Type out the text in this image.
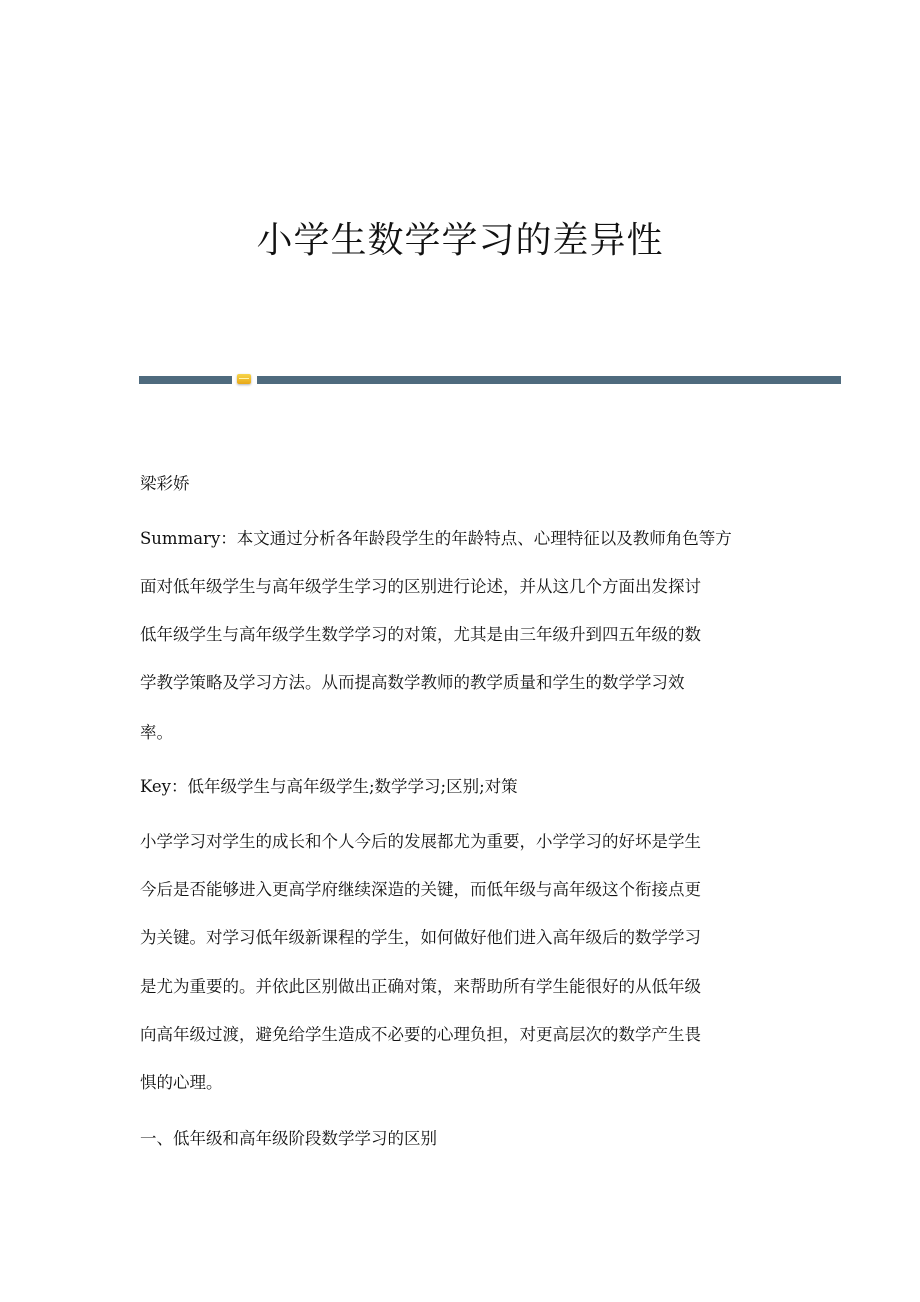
小学生数学学习的差异性
梁彩娇
Summary：本文通过分析各年龄段学生的年龄特点、心理特征以及教师角色等方
面对低年级学生与高年级学生学习的区别进行论述，并从这几个方面出发探讨
低年级学生与高年级学生数学学习的对策，尤其是由三年级升到四五年级的数
学教学策略及学习方法。从而提高数学教师的教学质量和学生的数学学习效
率。
Key：低年级学生与高年级学生;数学学习;区别;对策
小学学习对学生的成长和个人今后的发展都尤为重要，小学学习的好坏是学生
今后是否能够进入更高学府继续深造的关键，而低年级与高年级这个衔接点更
为关键。对学习低年级新课程的学生，如何做好他们进入高年级后的数学学习
是尤为重要的。并依此区别做出正确对策，来帮助所有学生能很好的从低年级
向高年级过渡，避免给学生造成不必要的心理负担，对更高层次的数学产生畏
惧的心理。
一、低年级和高年级阶段数学学习的区别
